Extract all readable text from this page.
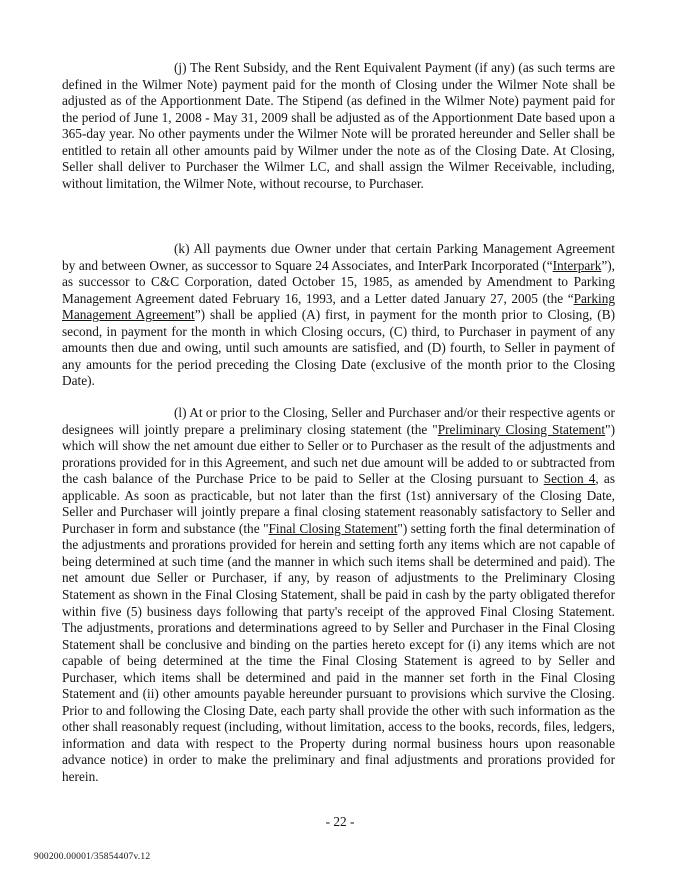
(j) The Rent Subsidy, and the Rent Equivalent Payment (if any) (as such terms are defined in the Wilmer Note) payment paid for the month of Closing under the Wilmer Note shall be adjusted as of the Apportionment Date. The Stipend (as defined in the Wilmer Note) payment paid for the period of June 1, 2008 - May 31, 2009 shall be adjusted as of the Apportionment Date based upon a 365-day year. No other payments under the Wilmer Note will be prorated hereunder and Seller shall be entitled to retain all other amounts paid by Wilmer under the note as of the Closing Date. At Closing, Seller shall deliver to Purchaser the Wilmer LC, and shall assign the Wilmer Receivable, including, without limitation, the Wilmer Note, without recourse, to Purchaser.

(k) All payments due Owner under that certain Parking Management Agreement by and between Owner, as successor to Square 24 Associates, and InterPark Incorporated (“Interpark”), as successor to C&C Corporation, dated October 15, 1985, as amended by Amendment to Parking Management Agreement dated February 16, 1993, and a Letter dated January 27, 2005 (the “Parking Management Agreement”) shall be applied (A) first, in payment for the month prior to Closing, (B) second, in payment for the month in which Closing occurs, (C) third, to Purchaser in payment of any amounts then due and owing, until such amounts are satisfied, and (D) fourth, to Seller in payment of any amounts for the period preceding the Closing Date (exclusive of the month prior to the Closing Date).

(l) At or prior to the Closing, Seller and Purchaser and/or their respective agents or designees will jointly prepare a preliminary closing statement (the "Preliminary Closing Statement") which will show the net amount due either to Seller or to Purchaser as the result of the adjustments and prorations provided for in this Agreement, and such net due amount will be added to or subtracted from the cash balance of the Purchase Price to be paid to Seller at the Closing pursuant to Section 4, as applicable. As soon as practicable, but not later than the first (1st) anniversary of the Closing Date, Seller and Purchaser will jointly prepare a final closing statement reasonably satisfactory to Seller and Purchaser in form and substance (the "Final Closing Statement") setting forth the final determination of the adjustments and prorations provided for herein and setting forth any items which are not capable of being determined at such time (and the manner in which such items shall be determined and paid). The net amount due Seller or Purchaser, if any, by reason of adjustments to the Preliminary Closing Statement as shown in the Final Closing Statement, shall be paid in cash by the party obligated therefor within five (5) business days following that party's receipt of the approved Final Closing Statement. The adjustments, prorations and determinations agreed to by Seller and Purchaser in the Final Closing Statement shall be conclusive and binding on the parties hereto except for (i) any items which are not capable of being determined at the time the Final Closing Statement is agreed to by Seller and Purchaser, which items shall be determined and paid in the manner set forth in the Final Closing Statement and (ii) other amounts payable hereunder pursuant to provisions which survive the Closing. Prior to and following the Closing Date, each party shall provide the other with such information as the other shall reasonably request (including, without limitation, access to the books, records, files, ledgers, information and data with respect to the Property during normal business hours upon reasonable advance notice) in order to make the preliminary and final adjustments and prorations provided for herein.

- 22 -
900200.00001/35854407v.12
